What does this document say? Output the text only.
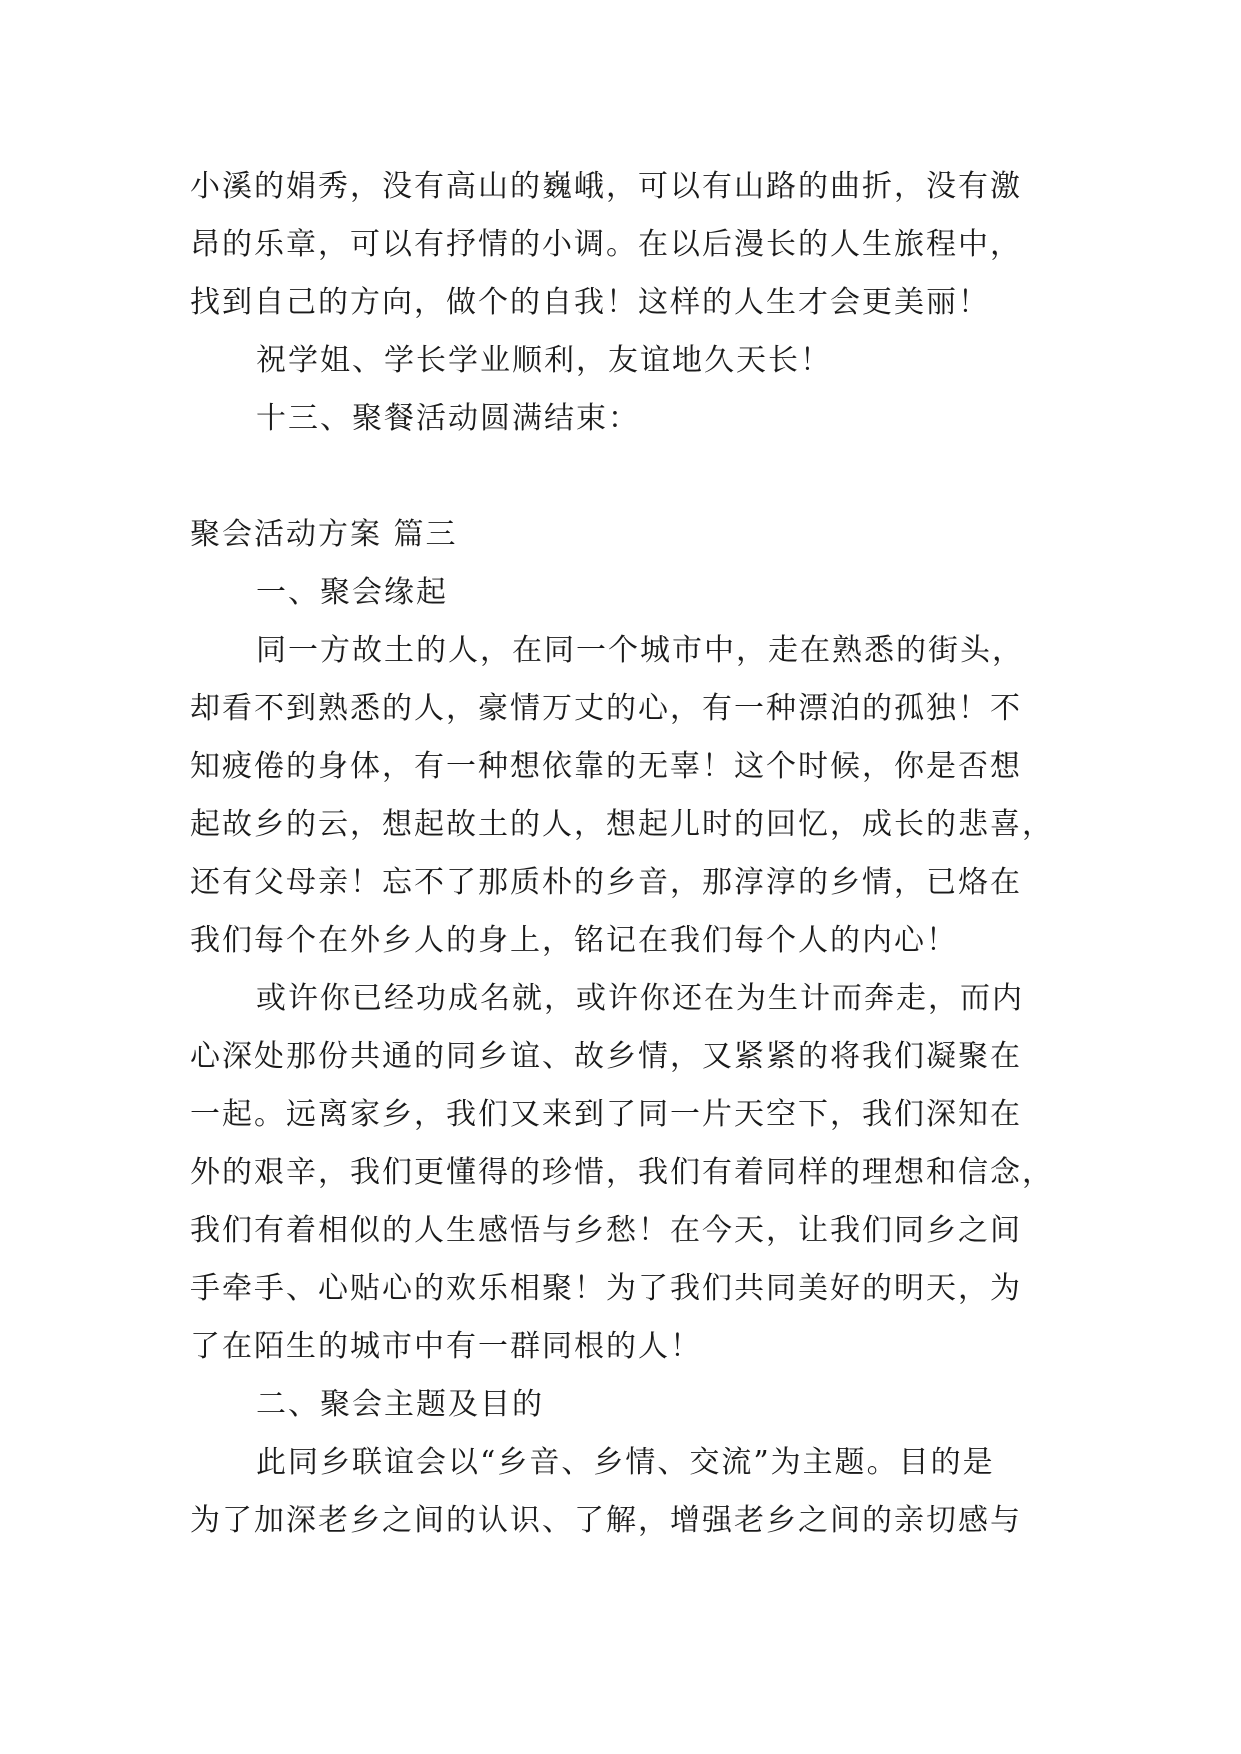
小溪的娟秀，没有高山的巍峨，可以有山路的曲折，没有激
昂的乐章，可以有抒情的小调。在以后漫长的人生旅程中，
找到自己的方向，做个的自我！这样的人生才会更美丽！
祝学姐、学长学业顺利，友谊地久天长！
十三、聚餐活动圆满结束：
聚会活动方案 篇三
一、聚会缘起
同一方故土的人，在同一个城市中，走在熟悉的街头，
却看不到熟悉的人，豪情万丈的心，有一种漂泊的孤独！不
知疲倦的身体，有一种想依靠的无辜！这个时候，你是否想
起故乡的云，想起故土的人，想起儿时的回忆，成长的悲喜，
还有父母亲！忘不了那质朴的乡音，那淳淳的乡情，已烙在
我们每个在外乡人的身上，铭记在我们每个人的内心！
或许你已经功成名就，或许你还在为生计而奔走，而内
心深处那份共通的同乡谊、故乡情，又紧紧的将我们凝聚在
一起。远离家乡，我们又来到了同一片天空下，我们深知在
外的艰辛，我们更懂得的珍惜，我们有着同样的理想和信念，
我们有着相似的人生感悟与乡愁！在今天，让我们同乡之间
手牵手、心贴心的欢乐相聚！为了我们共同美好的明天，为
了在陌生的城市中有一群同根的人！
二、聚会主题及目的
此同乡联谊会以“乡音、乡情、交流”为主题。目的是
为了加深老乡之间的认识、了解，增强老乡之间的亲切感与
